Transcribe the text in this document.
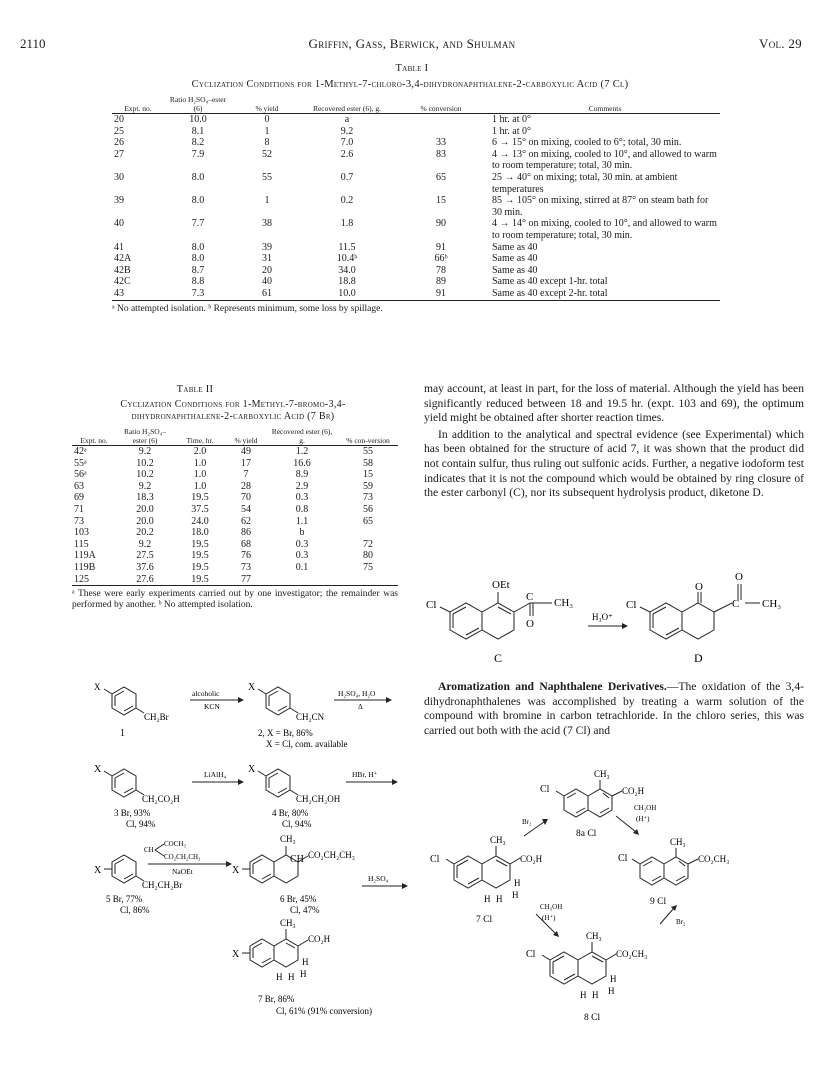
2110	Griffin, Gass, Berwick, and Shulman	Vol. 29
Table I
Cyclization Conditions for 1-Methyl-7-chloro-3,4-dihydronaphthalene-2-carboxylic Acid (7 Cl)
Expt. no.	Ratio H₂SO₄–ester (6)	% yield	Recovered ester (6), g.	% conversion	Comments
20	10.0	0	a		1 hr. at 0°
25	8.1	1	9.2		1 hr. at 0°
26	8.2	8	7.0	33	6 → 15° on mixing, cooled to 6°; total, 30 min.
27	7.9	52	2.6	83	4 → 13° on mixing, cooled to 10°, and allowed to warm to room temperature; total, 30 min.
30	8.0	55	0.7	65	25 → 40° on mixing; total, 30 min. at ambient temperatures
39	8.0	1	0.2	15	85 → 105° on mixing, stirred at 87° on steam bath for 30 min.
40	7.7	38	1.8	90	4 → 14° on mixing, cooled to 10°, and allowed to warm to room temperature; total, 30 min.
41	8.0	39	11.5	91	Same as 40
42A	8.0	31	10.4ᵇ	66ᵇ	Same as 40
42B	8.7	20	34.0	78	Same as 40
42C	8.8	40	18.8	89	Same as 40 except 1-hr. total
43	7.3	61	10.0	91	Same as 40 except 2-hr. total
ᵃ No attempted isolation. ᵇ Represents minimum, some loss by spillage.
Table II
Cyclization Conditions for 1-Methyl-7-bromo-3,4-dihydronaphthalene-2-carboxylic Acid (7 Br)
Expt. no.	Ratio H₂SO₄–ester (6)	Time, hr.	% yield	Recovered ester (6), g.	% con-version
42ᵃ	9.2	2.0	49	1.2	55
55ᵃ	10.2	1.0	17	16.6	58
56ᵃ	10.2	1.0	7	8.9	15
63	9.2	1.0	28	2.9	59
69	18.3	19.5	70	0.3	73
71	20.0	37.5	54	0.8	56
73	20.0	24.0	62	1.1	65
103	20.2	18.0	86	b	
115	9.2	19.5	68	0.3	72
119A	27.5	19.5	76	0.3	80
119B	37.6	19.5	73	0.1	75
125	27.6	19.5	77		
ᵃ These were early experiments carried out by one investigator; the remainder was performed by another. ᵇ No attempted isolation.

may account, at least in part, for the loss of material. Although the yield has been significantly reduced between 18 and 19.5 hr. (expt. 103 and 69), the optimum yield might be obtained after shorter reaction times.

In addition to the analytical and spectral evidence (see Experimental) which has been obtained for the structure of acid 7, it was shown that the product did not contain sulfur, thus ruling out sulfonic acids. Further, a negative iodoform test indicates that it is not the compound which would be obtained by ring closure of the ester carbonyl (C), nor its subsequent hydrolysis product, diketone D.

Aromatization and Naphthalene Derivatives.—The oxidation of the 3,4-dihydronaphthalenes was accomplished by treating a warm solution of the compound with bromine in carbon tetrachloride. In the chloro series, this was carried out both with the acid (7 Cl) and

OEt
Cl
C CH₃
O
C
H₃O⁺
Cl
O
O
C CH₃
D
X
CH₂Br
1
alcoholic
KCN
X
CH₂CN
2, X = Br, 86%
X = Cl, com. available
H₂SO₄, H₂O
Δ
X
CH₂CO₂H
3 Br, 93%
Cl, 94%
LiAlH₄ X
CH₂CH₂OH
4 Br, 80%
Cl, 94%
HBr, H⁺
X
CH₂CH₂Br
5 Br, 77%
Cl, 86%
CH
COCH₃
CO₂CH₂CH₃
NaOEt	X
CH₃
CH CO₂CH₂CH₃
6 Br, 45%
Cl, 47%
H₂SO₄
X
CH₃
CO₂H
H
H
H H
7 Br, 86%
Cl, 61% (91% conversion)
Cl
CH₃
CO₂H
8a Cl
Cl
CH₃
CO₂H
H
H
H H
7 Cl
Br₂
CH₃OH
(H⁺)
CH₃OH
(H⁺)
Br₂
Cl
CH₃
CO₂CH₃
9 Cl
Cl
CH₃
CO₂CH₃
H
H
H H
8 Cl
